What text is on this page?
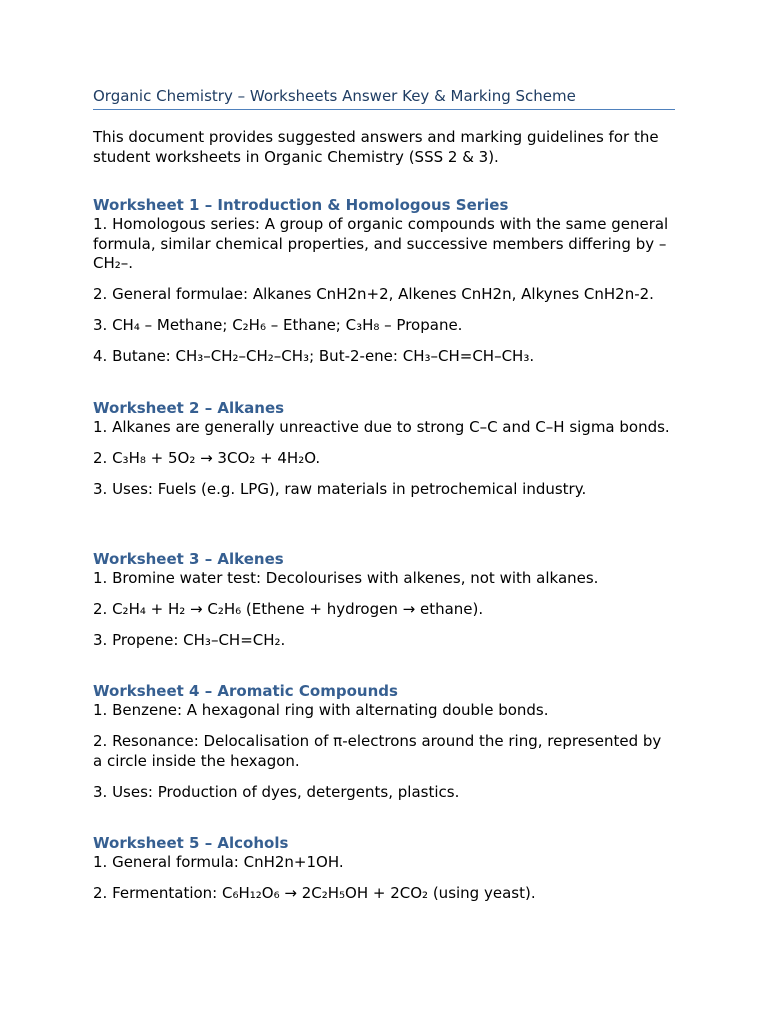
Organic Chemistry – Worksheets Answer Key & Marking Scheme

This document provides suggested answers and marking guidelines for the student worksheets in Organic Chemistry (SSS 2 & 3).

Worksheet 1 – Introduction & Homologous Series

1. Homologous series: A group of organic compounds with the same general formula, similar chemical properties, and successive members differing by –CH₂–.

2. General formulae: Alkanes CnH2n+2, Alkenes CnH2n, Alkynes CnH2n-2.

3. CH₄ – Methane; C₂H₆ – Ethane; C₃H₈ – Propane.

4. Butane: CH₃–CH₂–CH₂–CH₃; But-2-ene: CH₃–CH=CH–CH₃.

Worksheet 2 – Alkanes

1. Alkanes are generally unreactive due to strong C–C and C–H sigma bonds.

2. C₃H₈ + 5O₂ → 3CO₂ + 4H₂O.

3. Uses: Fuels (e.g. LPG), raw materials in petrochemical industry.

Worksheet 3 – Alkenes

1. Bromine water test: Decolourises with alkenes, not with alkanes.

2. C₂H₄ + H₂ → C₂H₆ (Ethene + hydrogen → ethane).

3. Propene: CH₃–CH=CH₂.

Worksheet 4 – Aromatic Compounds

1. Benzene: A hexagonal ring with alternating double bonds.

2. Resonance: Delocalisation of π-electrons around the ring, represented by a circle inside the hexagon.

3. Uses: Production of dyes, detergents, plastics.

Worksheet 5 – Alcohols

1. General formula: CnH2n+1OH.

2. Fermentation: C₆H₁₂O₆ → 2C₂H₅OH + 2CO₂ (using yeast).
